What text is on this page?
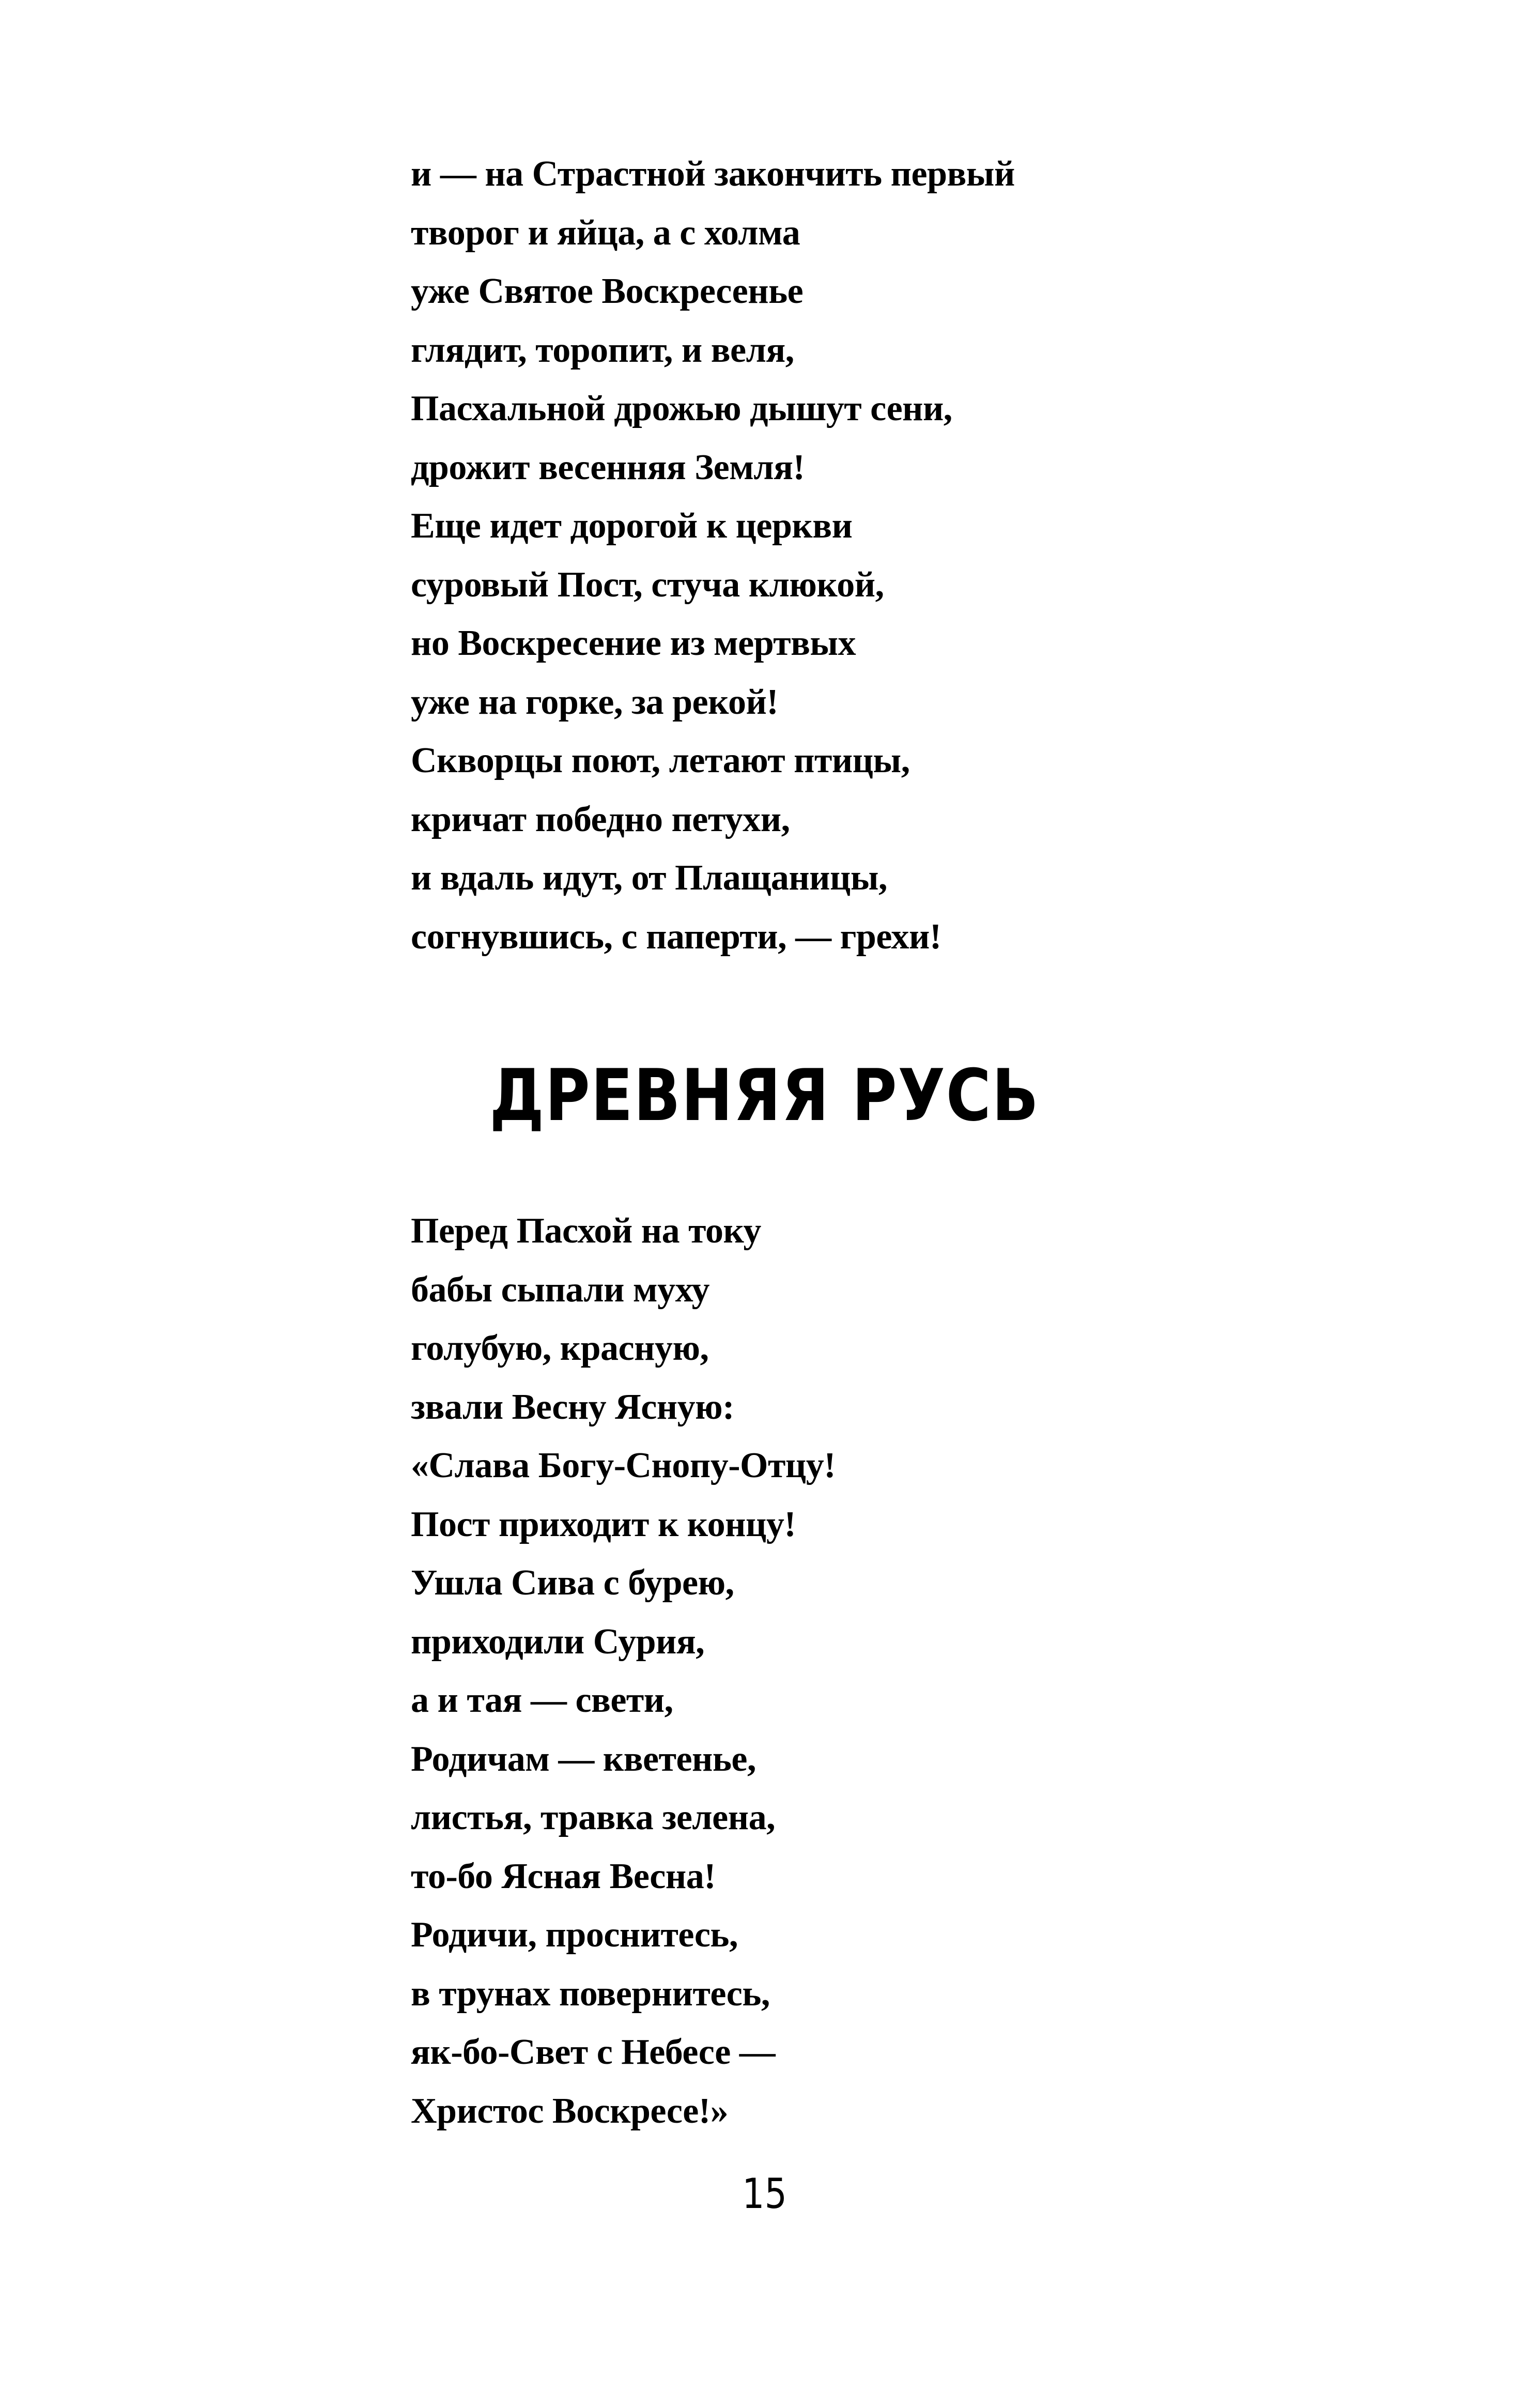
и — на Страстной закончить первый
творог и яйца, а с холма
уже Святое Воскресенье
глядит, торопит, и веля,
Пасхальной дрожью дышут сени,
дрожит весенняя Земля!
Еще идет дорогой к церкви
суровый Пост, стуча клюкой,
но Воскресение из мертвых
уже на горке, за рекой!
Скворцы поют, летают птицы,
кричат победно петухи,
и вдаль идут, от Плащаницы,
согнувшись, с паперти, — грехи!
ДРЕВНЯЯ РУСЬ
Перед Пасхой на току
бабы сыпали муху
голубую, красную,
звали Весну Ясную:
«Слава Богу-Снопу-Отцу!
Пост приходит к концу!
Ушла Сива с бурею,
приходили Сурия,
а и тая — свети,
Родичам — кветенье,
листья, травка зелена,
то-бо Ясная Весна!
Родичи, проснитесь,
в трунах повернитесь,
як-бо-Свет с Небесе —
Христос Воскресе!»
15
